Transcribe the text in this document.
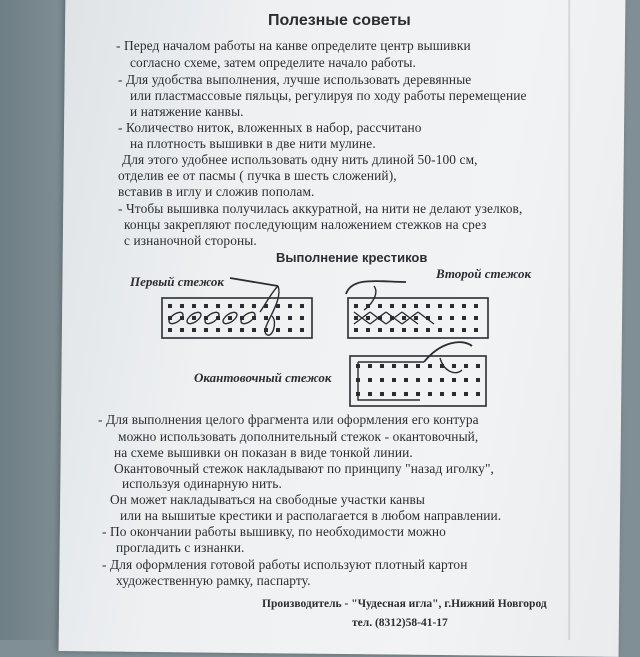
Полезные советы
- Перед началом работы на канве определите центр вышивки
согласно схеме, затем определите начало работы.
- Для удобства выполнения, лучше использовать деревянные
или пластмассовые пяльцы, регулируя по ходу работы перемещение
и натяжение канвы.
- Количество ниток, вложенных в набор, рассчитано
на плотность вышивки в две нити мулине.
Для этого удобнее использовать одну нить длиной 50-100 см,
отделив ее от пасмы ( пучка в шесть сложений),
вставив в иглу и сложив пополам.
- Чтобы вышивка получилась аккуратной, на нити не делают узелков,
концы закрепляют последующим наложением стежков на срез
с изнаночной стороны.
Выполнение крестиков
Первый стежок
Второй стежок
Окантовочный стежок
- Для выполнения целого фрагмента или оформления его контура
можно использовать дополнительный стежок - окантовочный,
на схеме вышивки он показан в виде тонкой линии.
Окантовочный стежок накладывают по принципу "назад иголку",
используя одинарную нить.
Он может накладываться на свободные участки канвы
или на вышитые крестики и располагается в любом направлении.
- По окончании работы вышивку, по необходимости можно
прогладить с изнанки.
- Для оформления готовой работы используют плотный картон
художественную рамку, паспарту.
Производитель - "Чудесная игла", г.Нижний Новгород
тел. (8312)58-41-17
